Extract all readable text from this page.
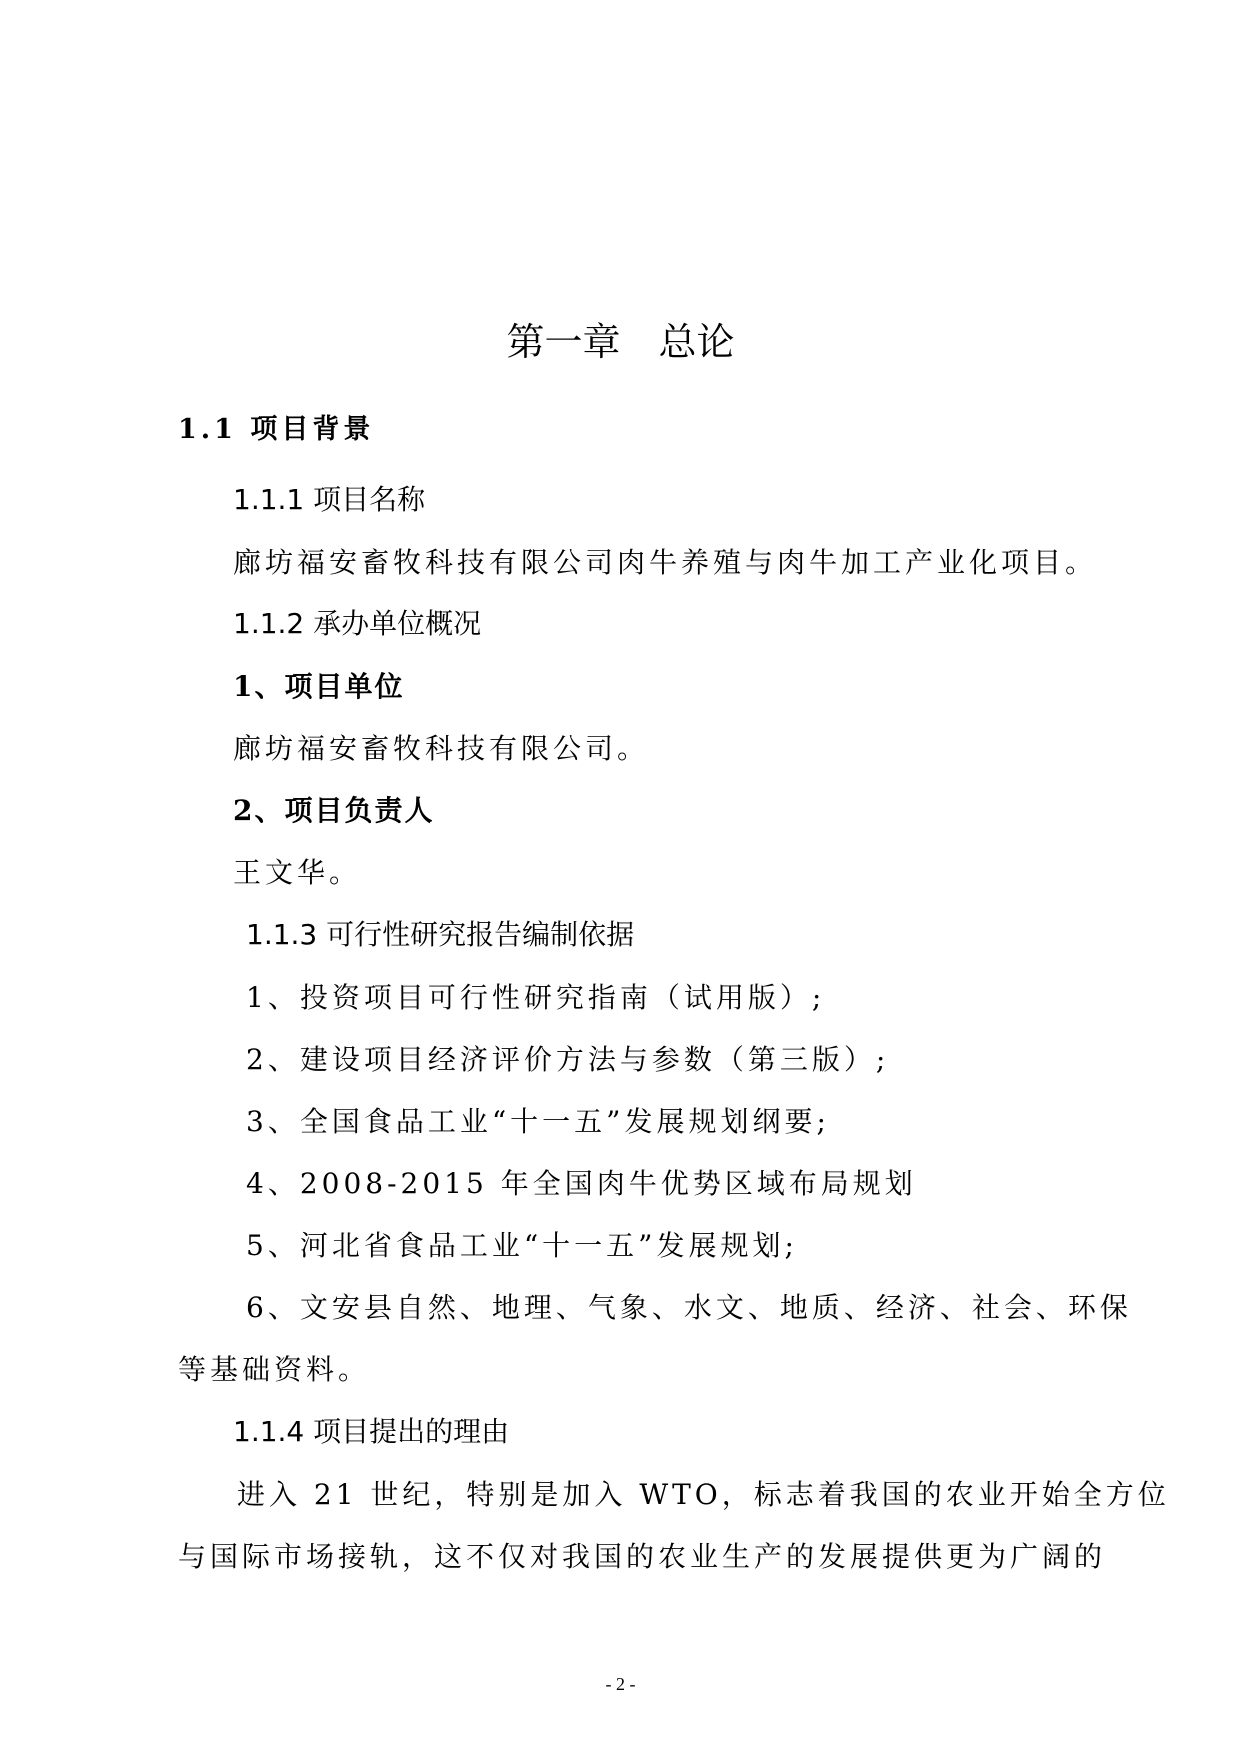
第一章　总论
1.1 项目背景
1.1.1 项目名称
廊坊福安畜牧科技有限公司肉牛养殖与肉牛加工产业化项目。
1.1.2 承办单位概况
1、项目单位
廊坊福安畜牧科技有限公司。
2、项目负责人
王文华。
1.1.3 可行性研究报告编制依据
1、投资项目可行性研究指南（试用版）;
2、建设项目经济评价方法与参数（第三版）;
3、全国食品工业“十一五”发展规划纲要;
4、2008-2015 年全国肉牛优势区域布局规划
5、河北省食品工业“十一五”发展规划;
6、文安县自然、地理、气象、水文、地质、经济、社会、环保
等基础资料。
1.1.4 项目提出的理由
进入 21 世纪，特别是加入 WTO，标志着我国的农业开始全方位
与国际市场接轨，这不仅对我国的农业生产的发展提供更为广阔的
- 2 -
